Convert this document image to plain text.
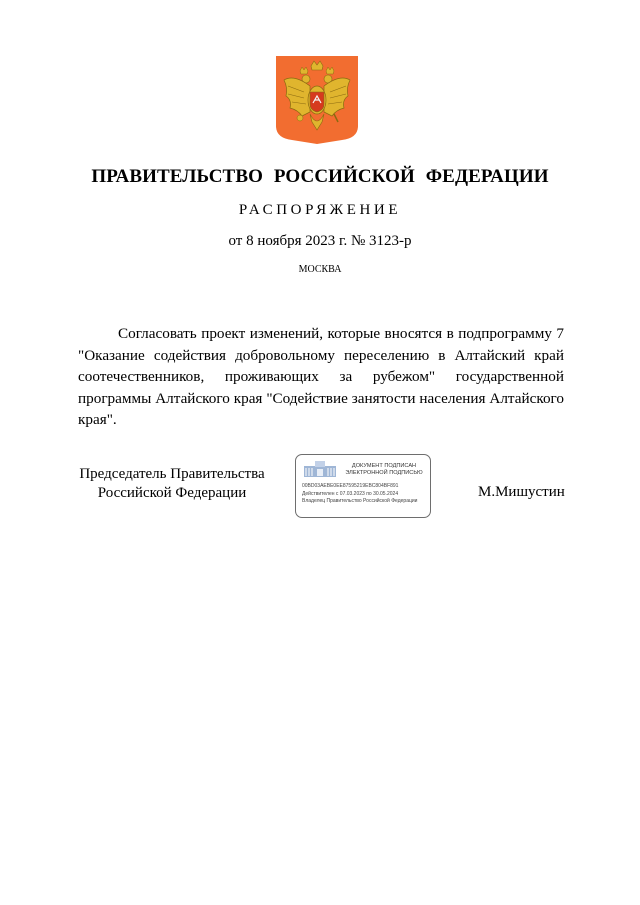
ПРАВИТЕЛЬСТВО РОССИЙСКОЙ ФЕДЕРАЦИИ
РАСПОРЯЖЕНИЕ
от 8 ноября 2023 г. № 3123-р
МОСКВА
Согласовать проект изменений, которые вносятся в подпрограмму 7 "Оказание содействия добровольному переселению в Алтайский край соотечественников, проживающих за рубежом" государственной программы Алтайского края "Содействие занятости населения Алтайского края".
Председатель Правительства
Российской Федерации
ДОКУМЕНТ ПОДПИСАН
ЭЛЕКТРОННОЙ ПОДПИСЬЮ
00BD03AEBE0EE87595219EBC804BF891
Действителен с 07.03.2023 по 30.05.2024
Владелец Правительство Российской Федерации
М.Мишустин
